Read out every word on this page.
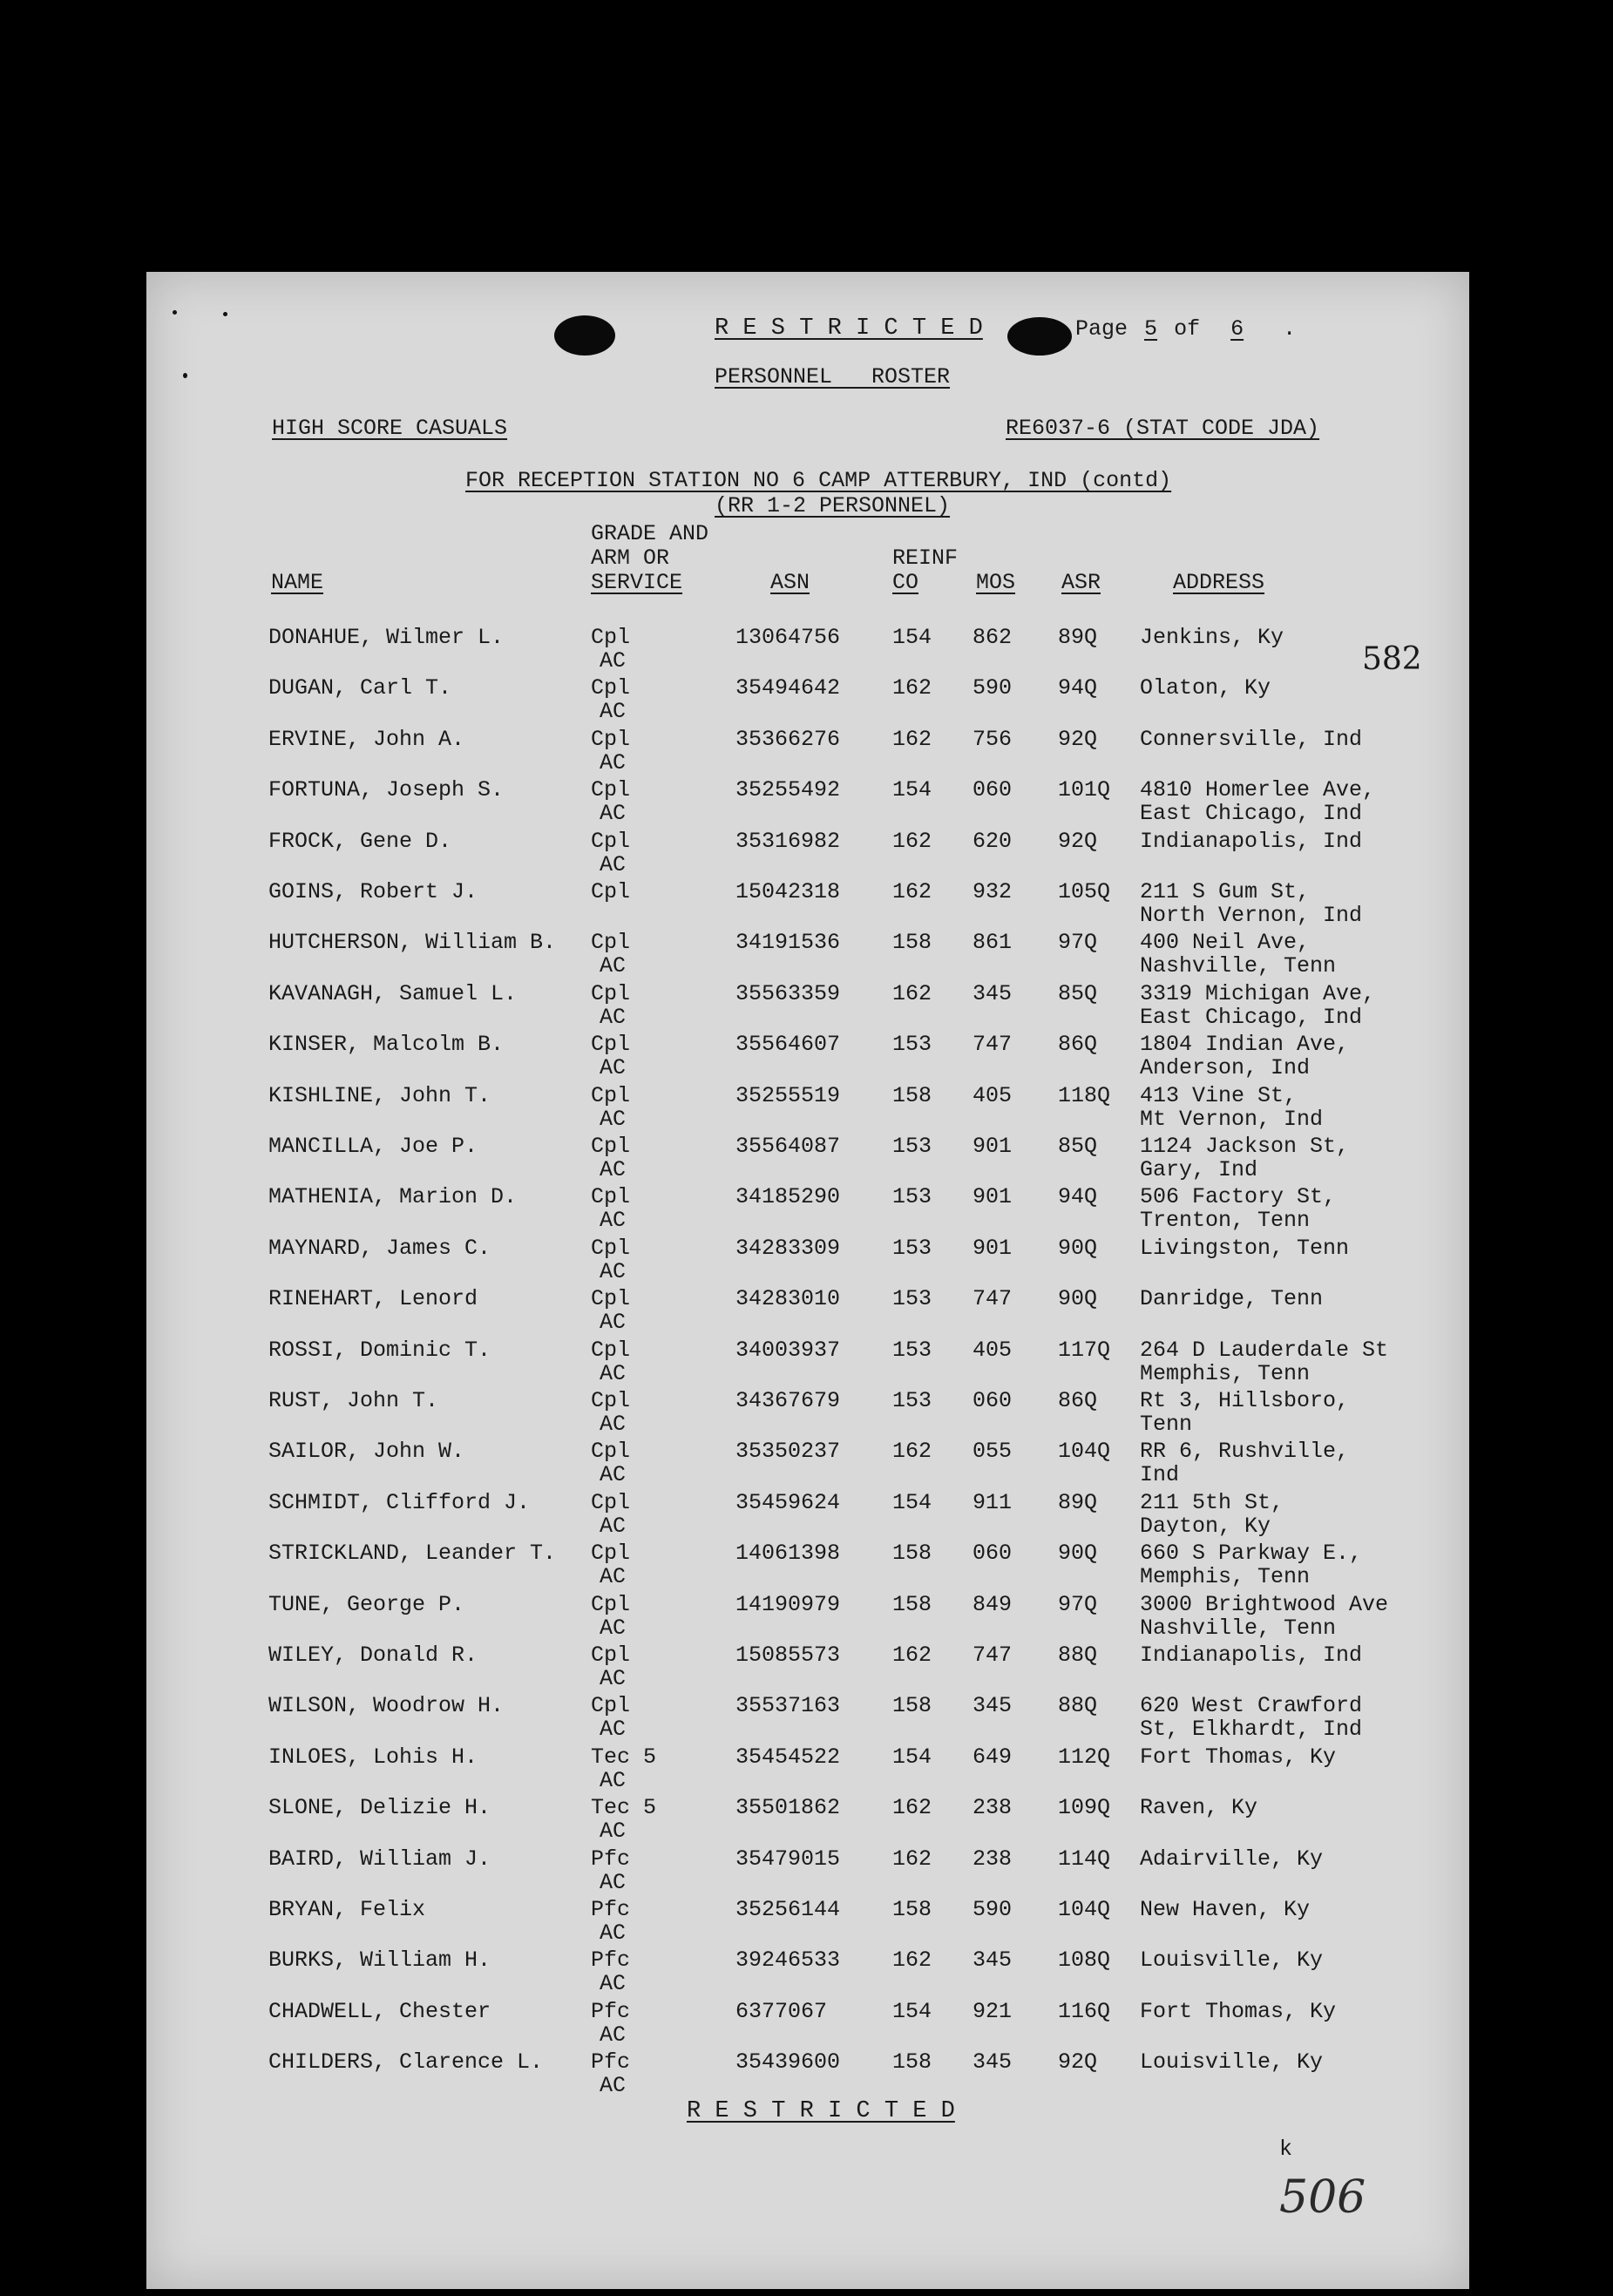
R E S T R I C T E D	Page 5 of 6 .
PERSONNEL   ROSTER
HIGH SCORE CASUALS	RE6037-6 (STAT CODE JDA)
FOR RECEPTION STATION NO 6 CAMP ATTERBURY, IND (contd)
(RR 1-2 PERSONNEL)
582
GRADE AND
ARM OR
SERVICE
NAME	ASN
REINF
CO	MOS ASR	ADDRESS
DONAHUE, Wilmer L.	Cpl	13064756 154 862 89Q Jenkins, Ky
AC
DUGAN, Carl T.	Cpl	35494642 162 590 94Q Olaton, Ky
AC
ERVINE, John A.	Cpl	35366276 162 756 92Q Connersville, Ind
AC
FORTUNA, Joseph S.	Cpl	35255492 154 060 101Q 4810 Homerlee Ave,
AC	East Chicago, Ind
FROCK, Gene D.	Cpl	35316982 162 620 92Q Indianapolis, Ind
AC
GOINS, Robert J.	Cpl	15042318 162 932 105Q 211 S Gum St,
North Vernon, Ind
HUTCHERSON, William B. Cpl	34191536 158 861 97Q 400 Neil Ave,
AC	Nashville, Tenn
KAVANAGH, Samuel L.	Cpl	35563359 162 345 85Q 3319 Michigan Ave,
AC	East Chicago, Ind
KINSER, Malcolm B.	Cpl	35564607 153 747 86Q 1804 Indian Ave,
AC	Anderson, Ind
KISHLINE, John T.	Cpl	35255519 158 405 118Q 413 Vine St,
AC	Mt Vernon, Ind
MANCILLA, Joe P.	Cpl	35564087 153 901 85Q 1124 Jackson St,
AC	Gary, Ind
MATHENIA, Marion D.	Cpl	34185290 153 901 94Q 506 Factory St,
AC	Trenton, Tenn
MAYNARD, James C.	Cpl	34283309 153 901 90Q Livingston, Tenn
AC
RINEHART, Lenord	Cpl	34283010 153 747 90Q Danridge, Tenn
AC
ROSSI, Dominic T.	Cpl	34003937 153 405 117Q 264 D Lauderdale St
AC	Memphis, Tenn
RUST, John T.	Cpl	34367679 153 060 86Q Rt 3, Hillsboro,
AC	Tenn
SAILOR, John W.	Cpl	35350237 162 055 104Q RR 6, Rushville,
AC	Ind
SCHMIDT, Clifford J.	Cpl	35459624 154 911 89Q 211 5th St,
AC	Dayton, Ky
STRICKLAND, Leander T. Cpl	14061398 158 060 90Q 660 S Parkway E.,
AC	Memphis, Tenn
TUNE, George P.	Cpl	14190979 158 849 97Q 3000 Brightwood Ave
AC	Nashville, Tenn
WILEY, Donald R.	Cpl	15085573 162 747 88Q Indianapolis, Ind
AC
WILSON, Woodrow H.	Cpl	35537163 158 345 88Q 620 West Crawford
AC	St, Elkhardt, Ind
INLOES, Lohis H.	Tec 5	35454522 154 649 112Q Fort Thomas, Ky
AC
SLONE, Delizie H.	Tec 5	35501862 162 238 109Q Raven, Ky
AC
BAIRD, William J.	Pfc	35479015 162 238 114Q Adairville, Ky
AC
BRYAN, Felix	Pfc	35256144 158 590 104Q New Haven, Ky
AC
BURKS, William H.	Pfc	39246533 162 345 108Q Louisville, Ky
AC
CHADWELL, Chester	Pfc	6377067	154 921 116Q Fort Thomas, Ky
AC
CHILDERS, Clarence L. Pfc	35439600 158 345 92Q Louisville, Ky
AC
R E S T R I C T E D
k
506
